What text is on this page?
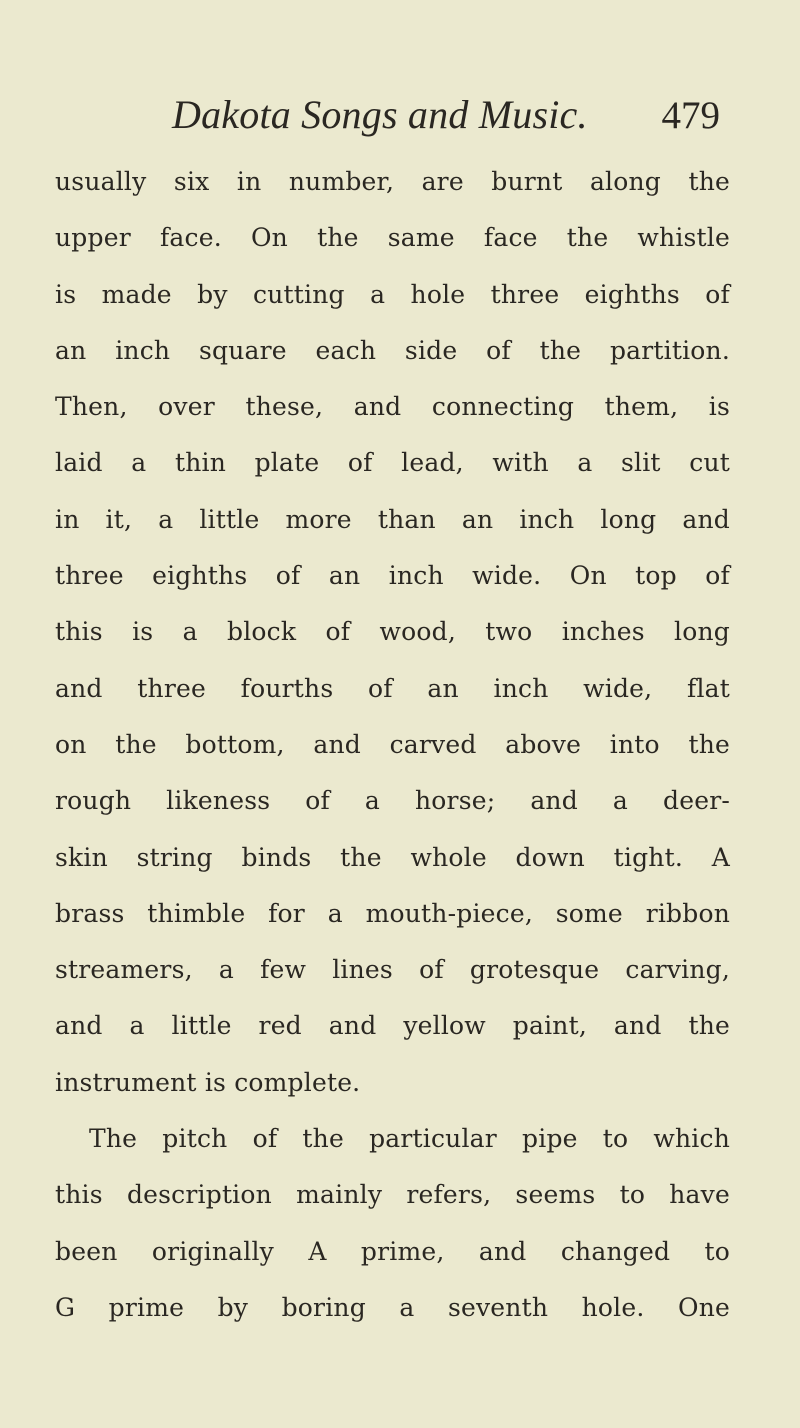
Dakota Songs and Music. 479
usually six in number, are burnt along the
upper face. On the same face the whistle
is made by cutting a hole three eighths of
an inch square each side of the partition.
Then, over these, and connecting them, is
laid a thin plate of lead, with a slit cut
in it, a little more than an inch long and
three eighths of an inch wide. On top of
this is a block of wood, two inches long
and three fourths of an inch wide, flat
on the bottom, and carved above into the
rough likeness of a horse; and a deer-
skin string binds the whole down tight. A
brass thimble for a mouth-piece, some ribbon
streamers, a few lines of grotesque carving,
and a little red and yellow paint, and the
instrument is complete.
The pitch of the particular pipe to which
this description mainly refers, seems to have
been originally A prime, and changed to
G prime by boring a seventh hole. One
